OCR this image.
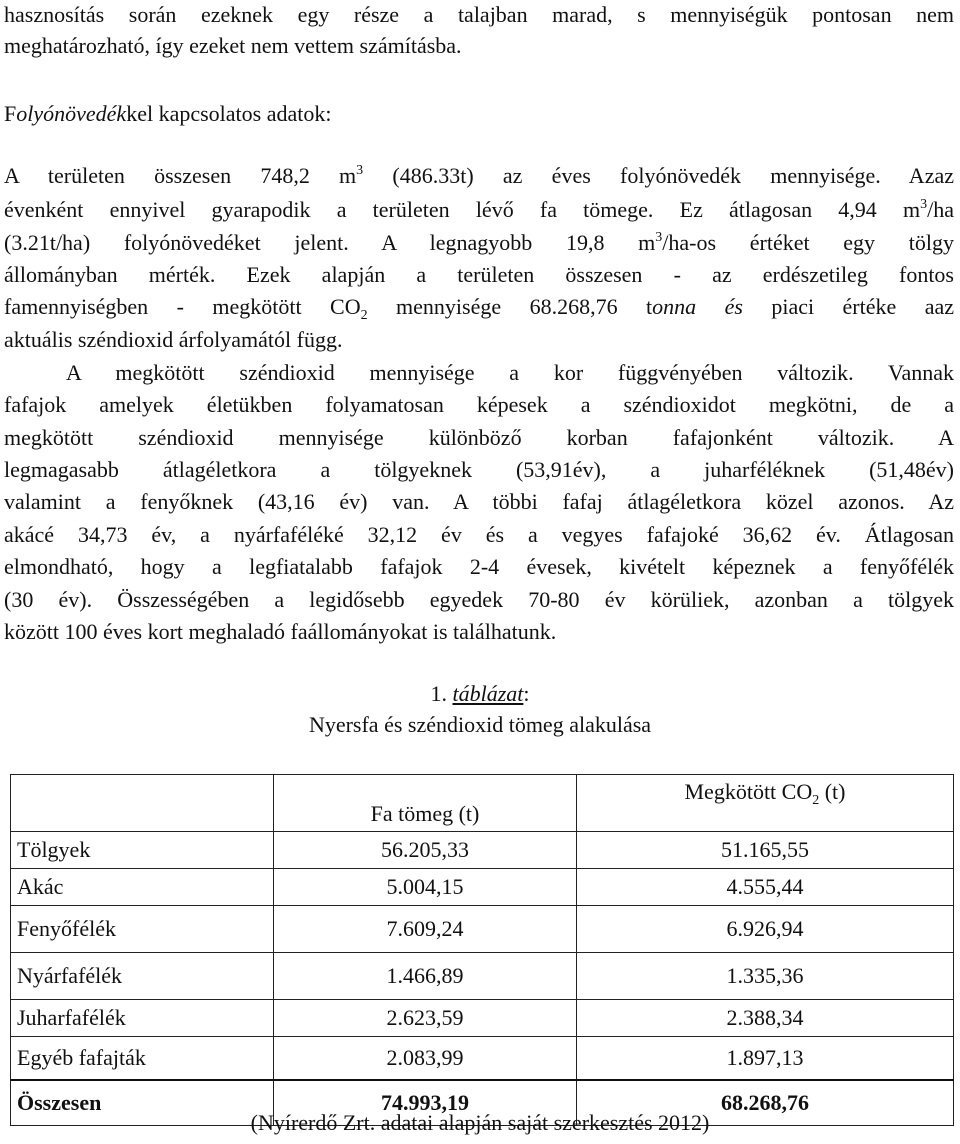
hasznosítás során ezeknek egy része a talajban marad, s mennyiségük pontosan nem

meghatározható, így ezeket nem vettem számításba.

Folyónövedékkel kapcsolatos adatok:

A területen összesen 748,2 $m^3$ (486.33t) az éves folyónövedék mennyisége. Azaz

évenként ennyivel gyarapodik a területen lévő fa tömege. Ez átlagosan 4,94 $m^3/ha$

(3.21t/ha) folyónövedéket jelent. A legnagyobb 19,8 $m^3/ha-os$ értéket egy tölgy

állományban mérték. Ezek alapján a területen összesen - az erdészetileg fontos

famennyiségben - megkötött $CO_2$ mennyisége 68.268,76 tonna és piaci értéke aaz

aktuális széndioxid árfolyamától függ.

A megkötött széndioxid mennyisége a kor függvényében változik. Vannak

fafajok amelyek életükben folyamatosan képesek a széndioxidot megkötni, de a

megkötött széndioxid mennyisége különböző korban fafajonként változik. A

legmagasabb átlagéletkora a tölgyeknek (53,91év), a juharféléknek (51,48év)

valamint a fenyőknek (43,16 év) van. A többi fafaj átlagéletkora közel azonos. Az

akácé 34,73 év, a nyárfaféléké 32,12 év és a vegyes fafajoké 36,62 év. Átlagosan

elmondható, hogy a legfiatalabb fafajok 2-4 évesek, kivételt képeznek a fenyőfélék

(30 év). Összességében a legidősebb egyedek 70-80 év körüliek, azonban a tölgyek

között 100 éves kort meghaladó faállományokat is találhatunk.

1. táblázat:
Nyersfa és széndioxid tömeg alakulása
	Fa tömeg (t)	Megkötött $CO_2$ (t)
Tölgyek	56.205,33	51.165,55
Akác	5.004,15	4.555,44
Fenyőfélék	7.609,24	6.926,94
Nyárfafélék	1.466,89	1.335,36
Juharfafélék	2.623,59	2.388,34
Egyéb fafajták	2.083,99	1.897,13
Összesen	74.993,19	68.268,76
(Nyírerdő Zrt. adatai alapján saját szerkesztés 2012)
